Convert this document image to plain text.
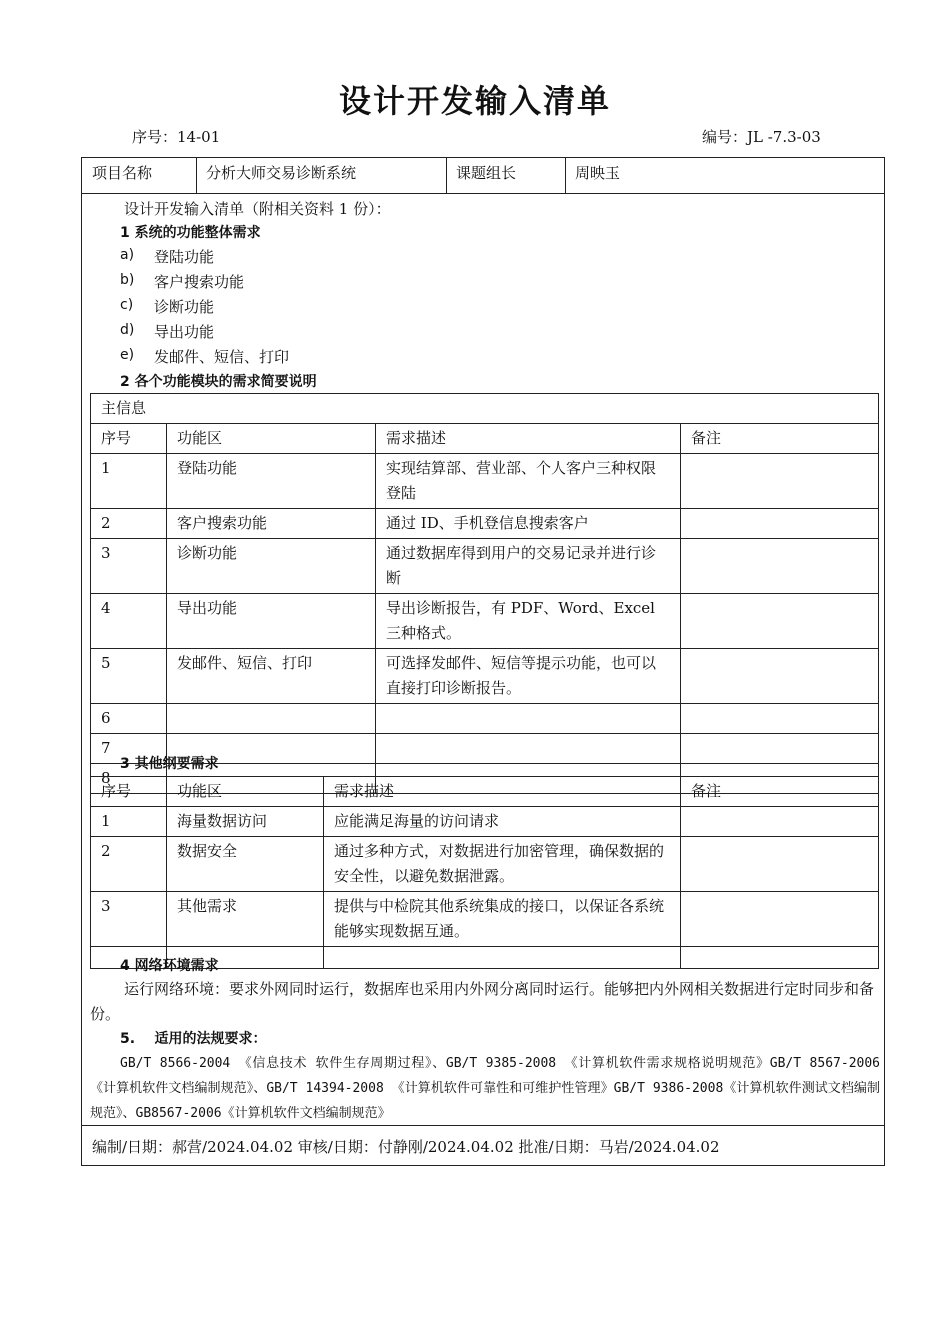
设计开发输入清单
序号：14-01	编号：JL -7.3-03
项目名称	分析大师交易诊断系统	课题组长	周映玉
设计开发输入清单（附相关资料 1 份）：
1 系统的功能整体需求
a) 登陆功能
b) 客户搜索功能
c) 诊断功能
d) 导出功能
e) 发邮件、短信、打印
2 各个功能模块的需求简要说明
主信息			
序号	功能区	需求描述	备注
1	登陆功能	实现结算部、营业部、个人客户三种权限登陆	
2	客户搜索功能	通过 ID、手机登信息搜索客户	
3	诊断功能	通过数据库得到用户的交易记录并进行诊断	
4	导出功能	导出诊断报告，有 PDF、Word、Excel 三种格式。	
5	发邮件、短信、打印	可选择发邮件、短信等提示功能，也可以直接打印诊断报告。	
6			
7			
8			
3 其他纲要需求
序号	功能区	需求描述	备注
1	海量数据访问	应能满足海量的访问请求	
2	数据安全	通过多种方式，对数据进行加密管理，确保数据的安全性，以避免数据泄露。	
3	其他需求	提供与中检院其他系统集成的接口，以保证各系统能够实现数据互通。	

4 网络环境需求
运行网络环境：要求外网同时运行，数据库也采用内外网分离同时运行。能够把内外网相关数据进行定时同步和备份。
5.    适用的法规要求：
GB/T 8566-2004 《信息技术 软件生存周期过程》、GB/T 9385-2008 《计算机软件需求规格说明规范》GB/T 8567-2006 《计算机软件文档编制规范》、GB/T 14394-2008 《计算机软件可靠性和可维护性管理》GB/T 9386-2008《计算机软件测试文档编制规范》、GB8567-2006《计算机软件文档编制规范》
编制/日期：郝营/2024.04.02 审核/日期：付静刚/2024.04.02 批准/日期：马岩/2024.04.02
